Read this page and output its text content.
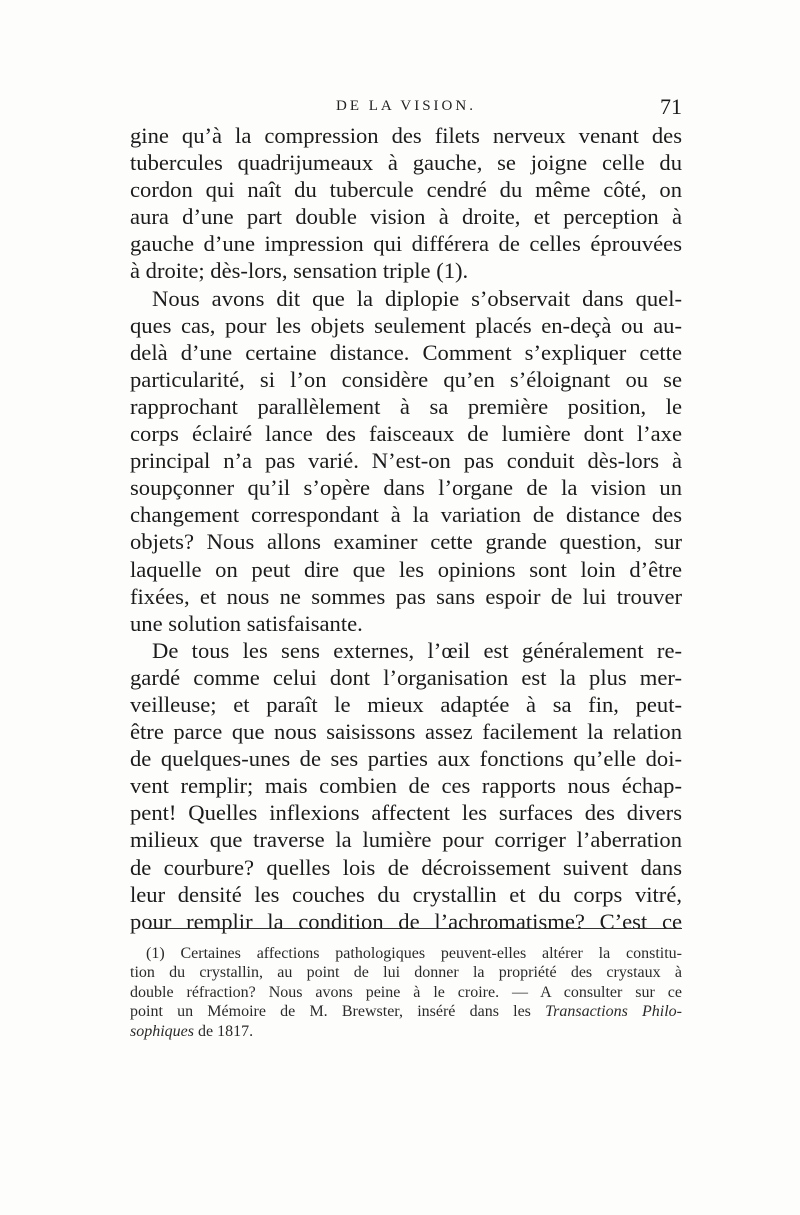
DE LA VISION.	71
gine qu’à la compression des filets nerveux venant des
tubercules quadrijumeaux à gauche, se joigne celle du
cordon qui naît du tubercule cendré du même côté, on
aura d’une part double vision à droite, et perception à
gauche d’une impression qui différera de celles éprouvées
à droite; dès-lors, sensation triple (1).
Nous avons dit que la diplopie s’observait dans quel-
ques cas, pour les objets seulement placés en-deçà ou au-
delà d’une certaine distance. Comment s’expliquer cette
particularité, si l’on considère qu’en s’éloignant ou se
rapprochant parallèlement à sa première position, le
corps éclairé lance des faisceaux de lumière dont l’axe
principal n’a pas varié. N’est-on pas conduit dès-lors à
soupçonner qu’il s’opère dans l’organe de la vision un
changement correspondant à la variation de distance des
objets? Nous allons examiner cette grande question, sur
laquelle on peut dire que les opinions sont loin d’être
fixées, et nous ne sommes pas sans espoir de lui trouver
une solution satisfaisante.
De tous les sens externes, l’œil est généralement re-
gardé comme celui dont l’organisation est la plus mer-
veilleuse; et paraît le mieux adaptée à sa fin, peut-
être parce que nous saisissons assez facilement la relation
de quelques-unes de ses parties aux fonctions qu’elle doi-
vent remplir; mais combien de ces rapports nous échap-
pent! Quelles inflexions affectent les surfaces des divers
milieux que traverse la lumière pour corriger l’aberration
de courbure? quelles lois de décroissement suivent dans
leur densité les couches du crystallin et du corps vitré,
pour remplir la condition de l’achromatisme? C’est ce
(1) Certaines affections pathologiques peuvent-elles altérer la constitu-
tion du crystallin, au point de lui donner la propriété des crystaux à
double réfraction? Nous avons peine à le croire. — A consulter sur ce
point un Mémoire de M. Brewster, inséré dans les Transactions Philo-
sophiques de 1817.
